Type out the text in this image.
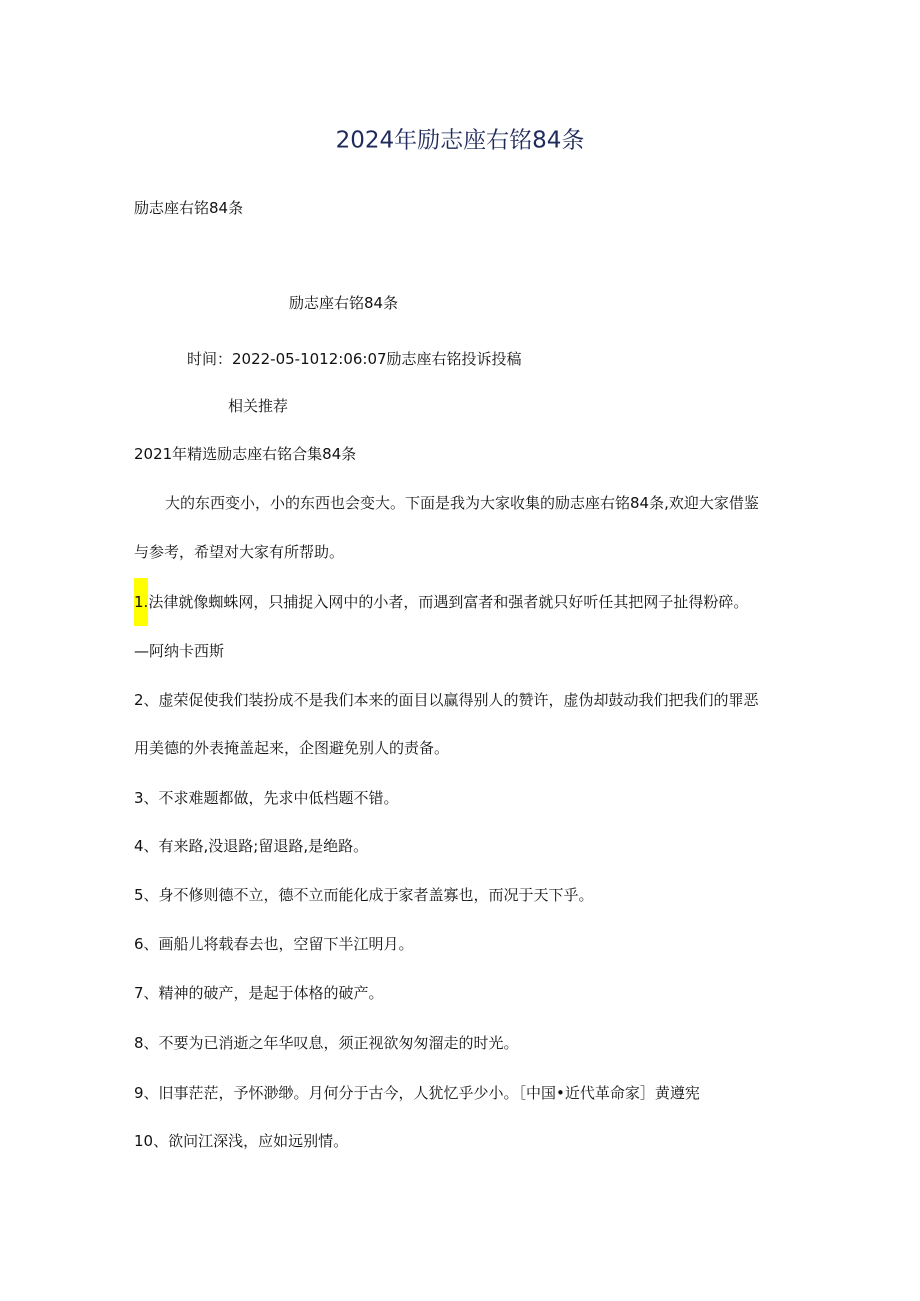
2024年励志座右铭84条
励志座右铭84条
励志座右铭84条
时间：2022-05-1012:06:07励志座右铭投诉投稿
相关推荐
2021年精选励志座右铭合集84条
大的东西变小，小的东西也会变大。下面是我为大家收集的励志座右铭84条,欢迎大家借鉴
与参考，希望对大家有所帮助。
1.法律就像蜘蛛网，只捕捉入网中的小者，而遇到富者和强者就只好听任其把网子扯得粉碎。
—阿纳卡西斯
2、虚荣促使我们装扮成不是我们本来的面目以赢得别人的赞许，虚伪却鼓动我们把我们的罪恶
用美德的外表掩盖起来，企图避免别人的责备。
3、不求难题都做，先求中低档题不错。
4、有来路,没退路;留退路,是绝路。
5、身不修则德不立，德不立而能化成于家者盖寡也，而况于天下乎。
6、画船儿将载春去也，空留下半江明月。
7、精神的破产，是起于体格的破产。
8、不要为已消逝之年华叹息，须正视欲匆匆溜走的时光。
9、旧事茫茫，予怀渺缈。月何分于古今，人犹忆乎少小。［中国•近代革命家］黄遵宪
10、欲问江深浅，应如远别情。
